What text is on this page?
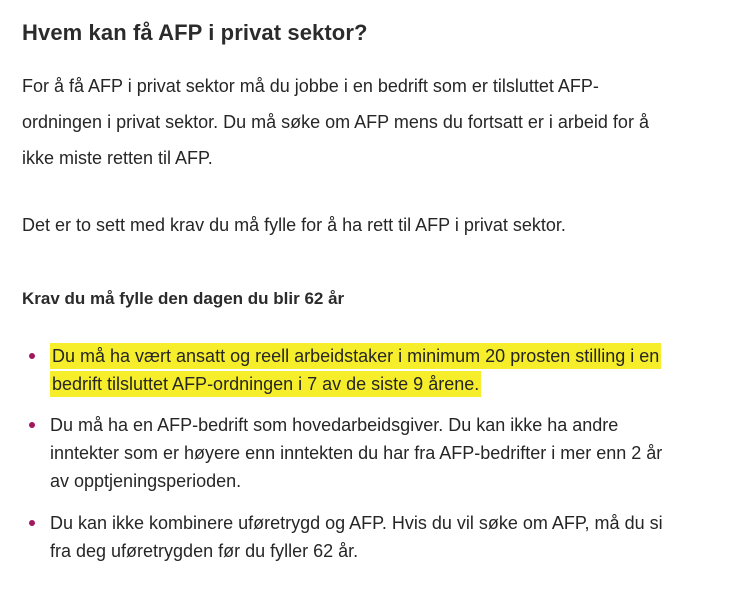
Hvem kan få AFP i privat sektor?

For å få AFP i privat sektor må du jobbe i en bedrift som er tilsluttet AFP-ordningen i privat sektor. Du må søke om AFP mens du fortsatt er i arbeid for å ikke miste retten til AFP.

Det er to sett med krav du må fylle for å ha rett til AFP i privat sektor.

Krav du må fylle den dagen du blir 62 år
Du må ha vært ansatt og reell arbeidstaker i minimum 20 prosten stilling i en bedrift tilsluttet AFP-ordningen i 7 av de siste 9 årene.
Du må ha en AFP-bedrift som hovedarbeidsgiver. Du kan ikke ha andre inntekter som er høyere enn inntekten du har fra AFP-bedrifter i mer enn 2 år av opptjeningsperioden.
Du kan ikke kombinere uføretrygd og AFP. Hvis du vil søke om AFP, må du si fra deg uføretrygden før du fyller 62 år.
